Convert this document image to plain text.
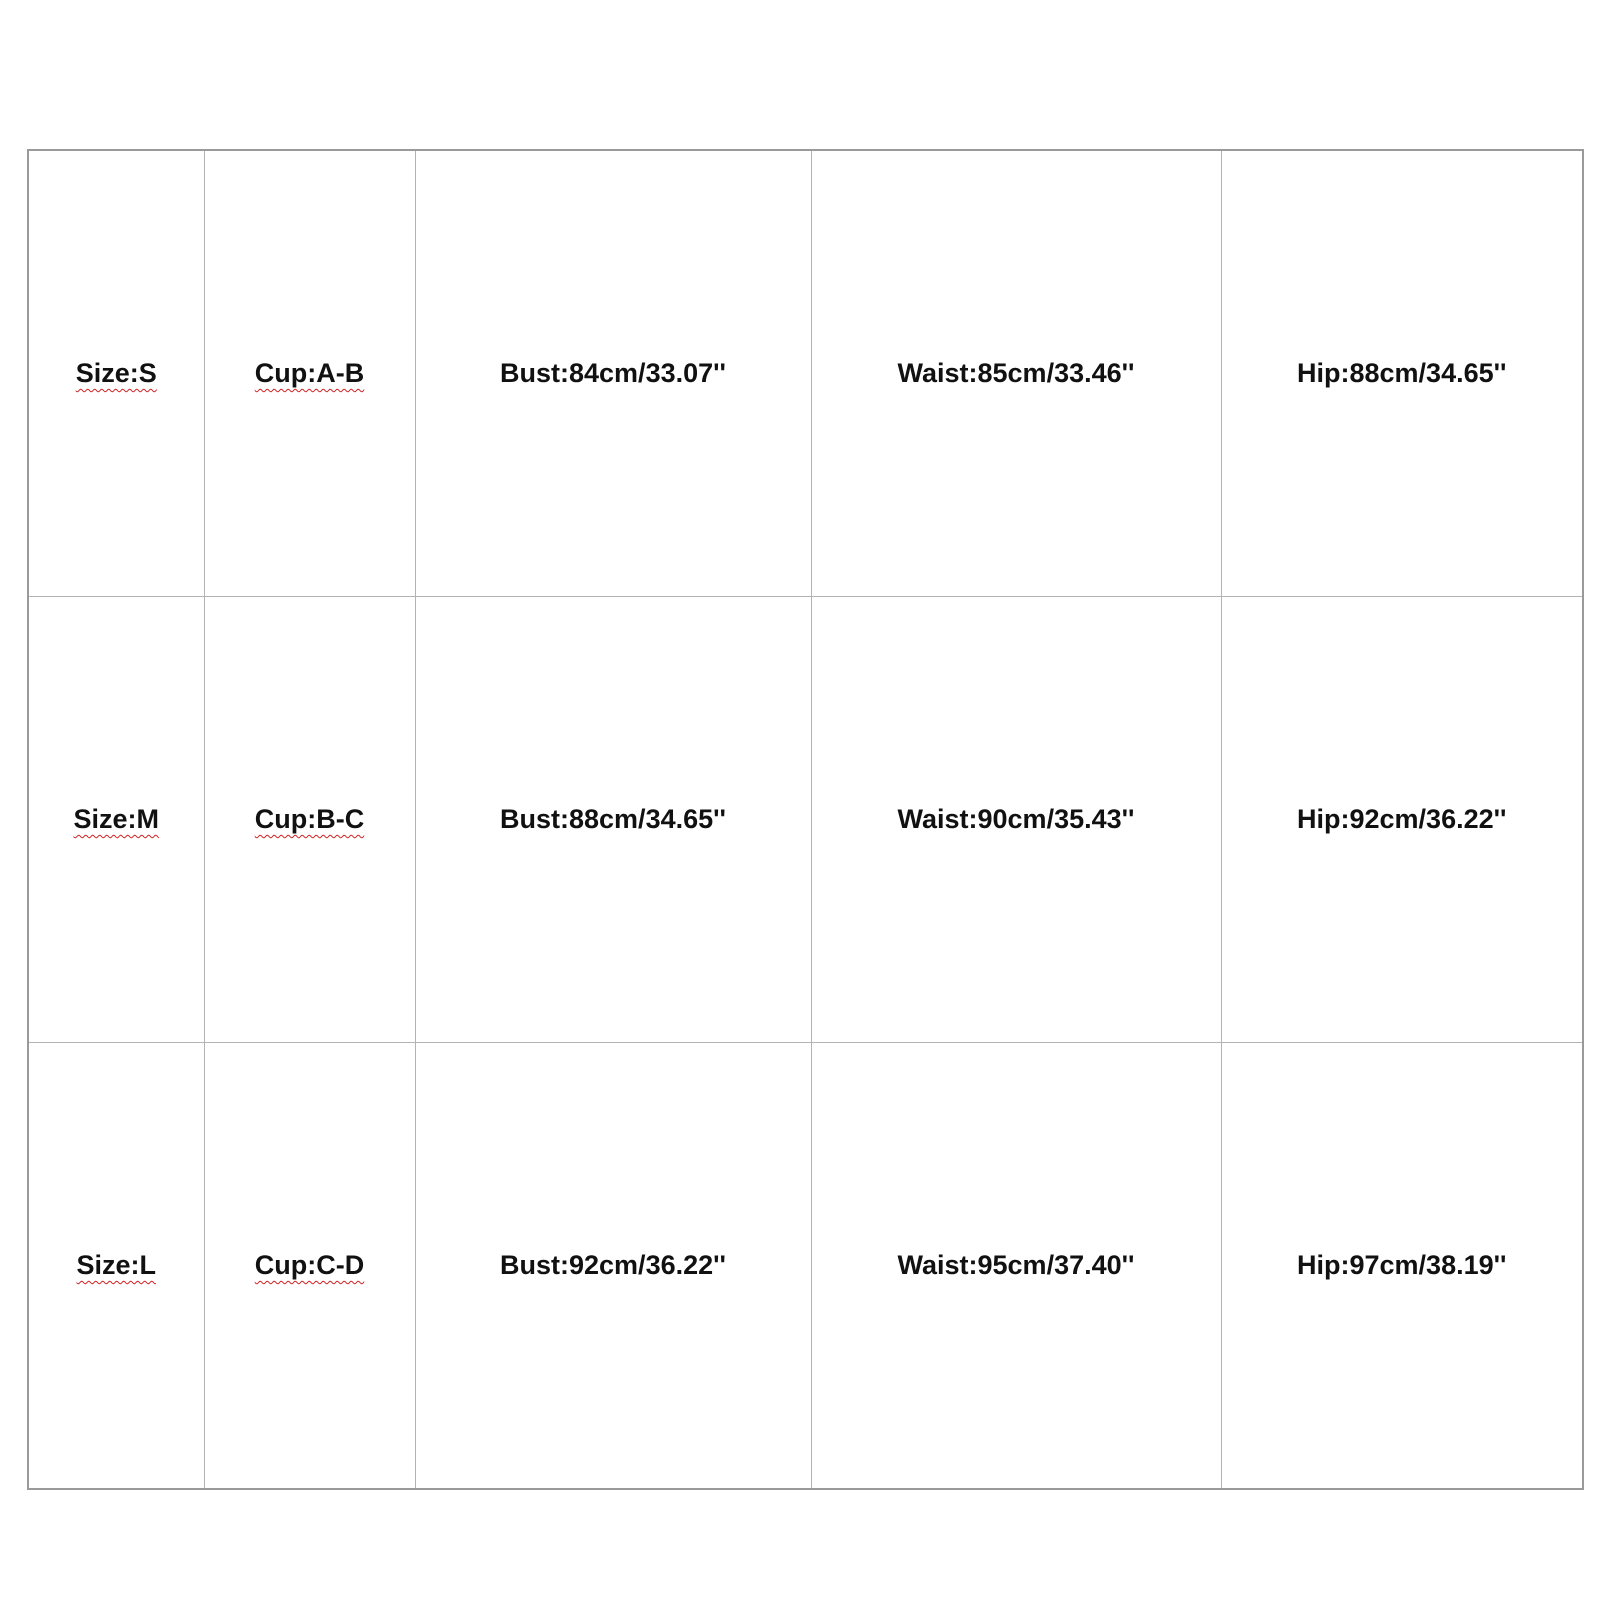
Size:S	Cup:A-B	Bust:84cm/33.07''	Waist:85cm/33.46''	Hip:88cm/34.65''
Size:M	Cup:B-C	Bust:88cm/34.65''	Waist:90cm/35.43''	Hip:92cm/36.22''
Size:L	Cup:C-D	Bust:92cm/36.22''	Waist:95cm/37.40''	Hip:97cm/38.19''
